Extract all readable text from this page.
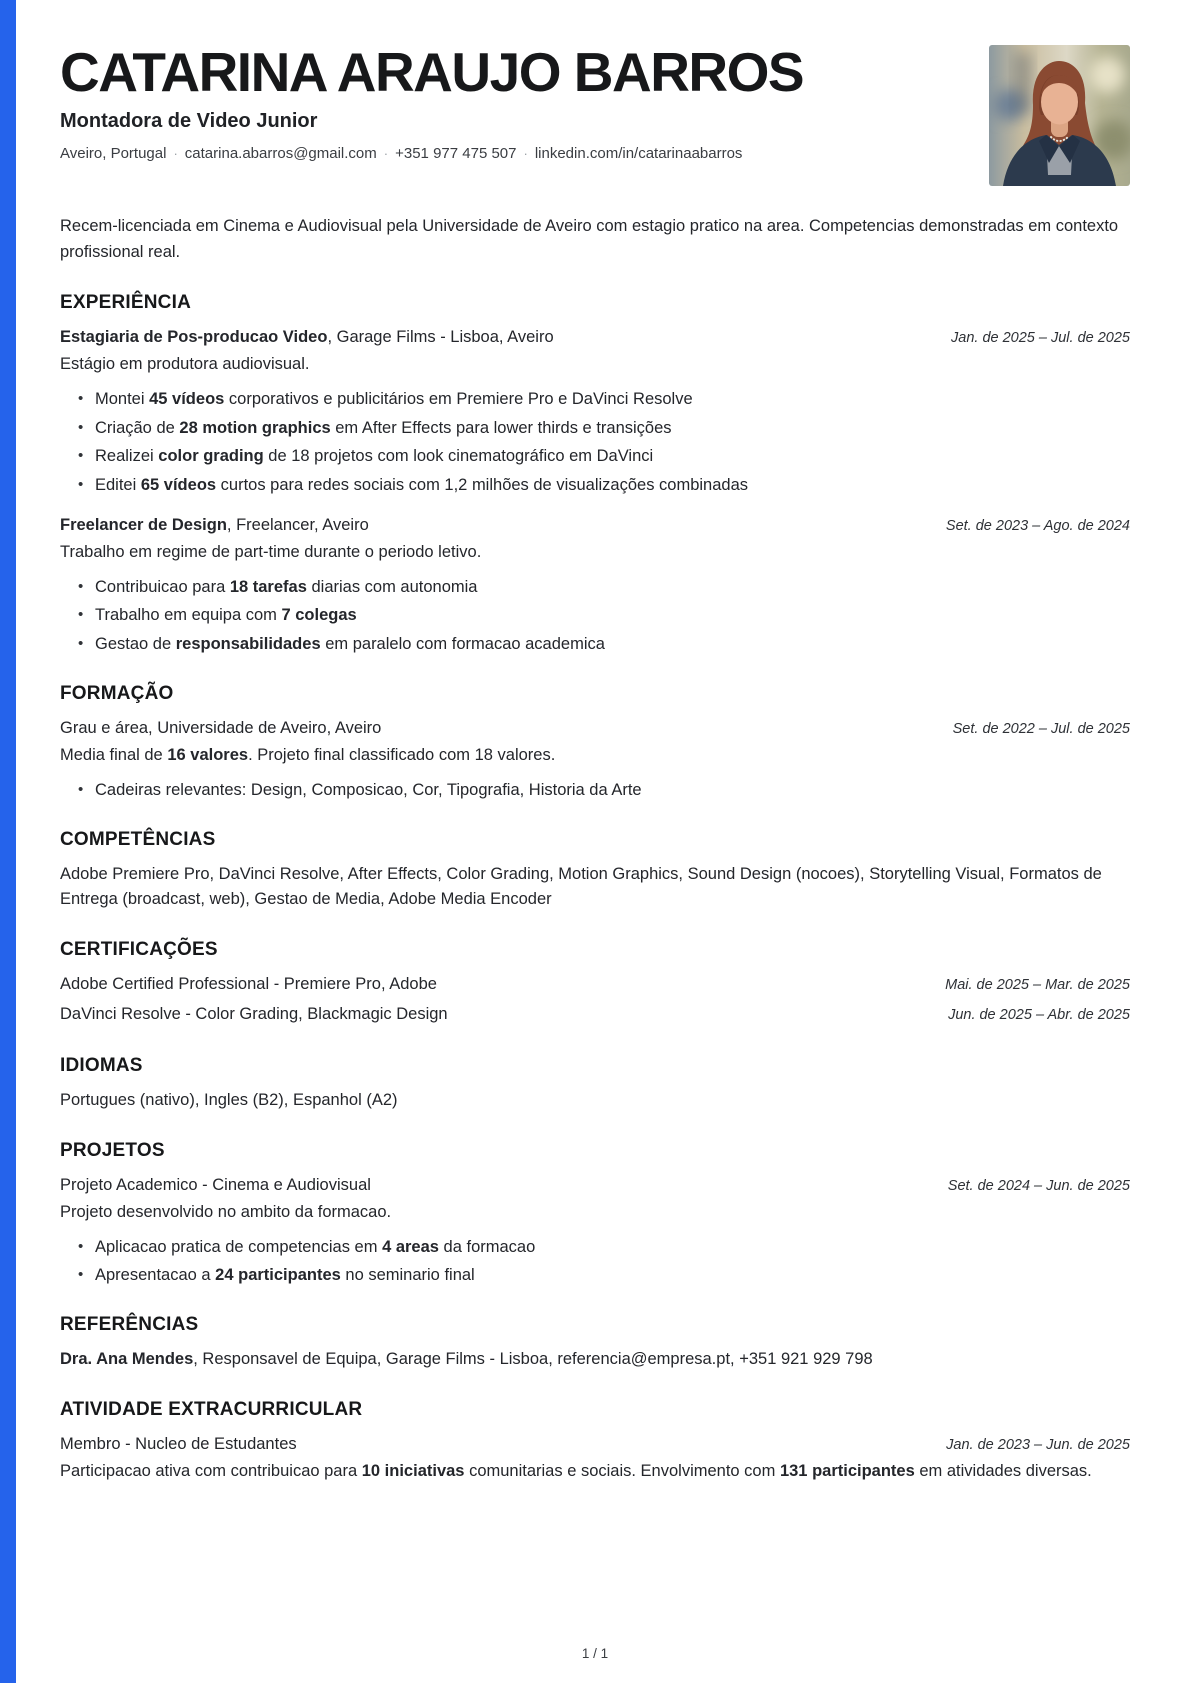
CATARINA ARAUJO BARROS
Montadora de Video Junior
Aveiro, Portugal · catarina.abarros@gmail.com · +351 977 475 507 · linkedin.com/in/catarinaabarros

Recem-licenciada em Cinema e Audiovisual pela Universidade de Aveiro com estagio pratico na area. Competencias demonstradas em contexto profissional real.

EXPERIÊNCIA
Estagiaria de Pos-producao Video, Garage Films - Lisboa, Aveiro	Jan. de 2025 – Jul. de 2025
Estágio em produtora audiovisual.
• Montei 45 vídeos corporativos e publicitários em Premiere Pro e DaVinci Resolve
• Criação de 28 motion graphics em After Effects para lower thirds e transições
• Realizei color grading de 18 projetos com look cinematográfico em DaVinci
• Editei 65 vídeos curtos para redes sociais com 1,2 milhões de visualizações combinadas
Freelancer de Design, Freelancer, Aveiro	Set. de 2023 – Ago. de 2024
Trabalho em regime de part-time durante o periodo letivo.
• Contribuicao para 18 tarefas diarias com autonomia
• Trabalho em equipa com 7 colegas
• Gestao de responsabilidades em paralelo com formacao academica
FORMAÇÃO
Grau e área, Universidade de Aveiro, Aveiro	Set. de 2022 – Jul. de 2025
Media final de 16 valores. Projeto final classificado com 18 valores.
• Cadeiras relevantes: Design, Composicao, Cor, Tipografia, Historia da Arte
COMPETÊNCIAS
Adobe Premiere Pro, DaVinci Resolve, After Effects, Color Grading, Motion Graphics, Sound Design (nocoes), Storytelling Visual, Formatos de Entrega (broadcast, web), Gestao de Media, Adobe Media Encoder
CERTIFICAÇÕES
Adobe Certified Professional - Premiere Pro, Adobe	Mai. de 2025 – Mar. de 2025
DaVinci Resolve - Color Grading, Blackmagic Design	Jun. de 2025 – Abr. de 2025
IDIOMAS
Portugues (nativo), Ingles (B2), Espanhol (A2)
PROJETOS
Projeto Academico - Cinema e Audiovisual	Set. de 2024 – Jun. de 2025
Projeto desenvolvido no ambito da formacao.
• Aplicacao pratica de competencias em 4 areas da formacao
• Apresentacao a 24 participantes no seminario final
REFERÊNCIAS
Dra. Ana Mendes, Responsavel de Equipa, Garage Films - Lisboa, referencia@empresa.pt, +351 921 929 798
ATIVIDADE EXTRACURRICULAR
Membro - Nucleo de Estudantes	Jan. de 2023 – Jun. de 2025
Participacao ativa com contribuicao para 10 iniciativas comunitarias e sociais. Envolvimento com 131 participantes em atividades diversas.
1 / 1
